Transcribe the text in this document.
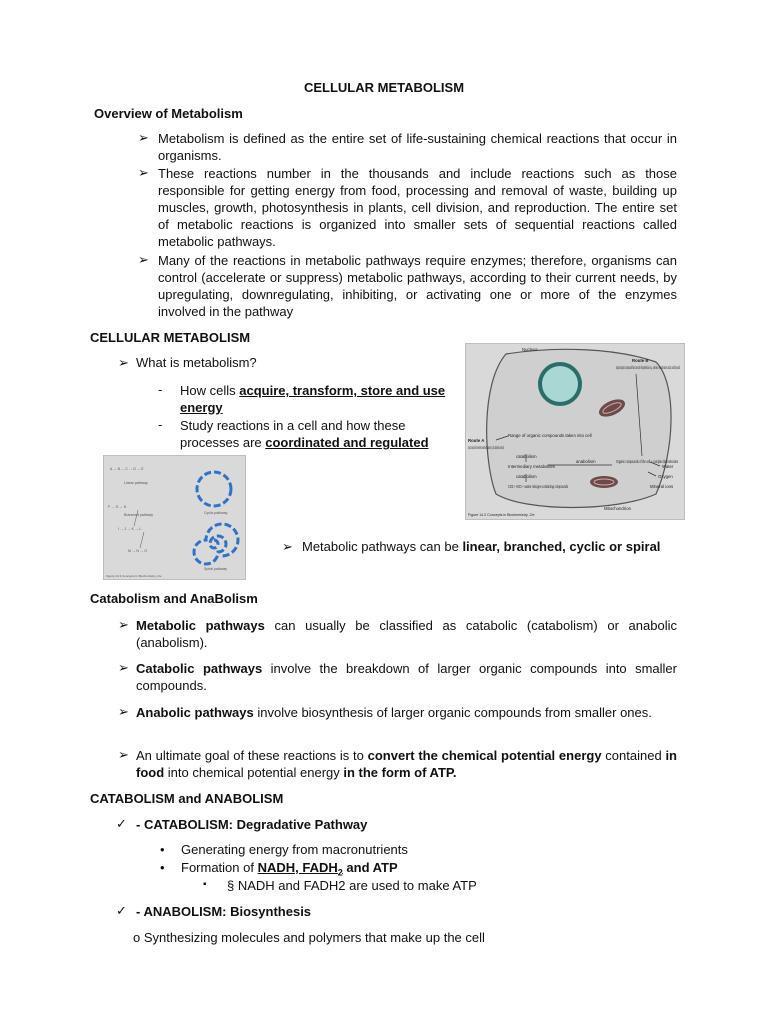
CELLULAR METABOLISM
Overview of Metabolism
➢ Metabolism is defined as the entire set of life-sustaining chemical reactions that occur in organisms.
➢ These reactions number in the thousands and include reactions such as those responsible for getting energy from food, processing and removal of waste, building up muscles, growth, photosynthesis in plants, cell division, and reproduction. The entire set of metabolic reactions is organized into smaller sets of sequential reactions called metabolic pathways.
➢ Many of the reactions in metabolic pathways require enzymes; therefore, organisms can control (accelerate or suppress) metabolic pathways, according to their current needs, by upregulating, downregulating, inhibiting, or activating one or more of the enzymes involved in the pathway
CELLULAR METABOLISM
➢ What is metabolism?
- How cells acquire, transform, store and use energy
- Study reactions in a cell and how these processes are coordinated and regulated
Nucleus
Route B
Special organic compounds that cannot be biosynthesized, e.g., vitamins, essential amino acids, and fatty acids
Range of organic compounds taken into cell
catabolism
Intermediary metabolites
anabolism	Organic compounds of the cell + complex biomolecules
catabolism
Route A
Organic compounds from environment are absorbed into organism, e.g., fats, carbohydrates, amino acids
CO2 + H2O + waste nitrogen-containing compounds
Water
Oxygen
Mineral ions
Mitochondrion
Figure 14.2 Concepts in Biochemistry, 2/e
A → B → C → D → E
Linear pathway
F → G → H
I → J → K → L
M → N → O
Branched pathway	Cyclic pathway
Spiral pathway
Figure 14.3 Concepts in Biochemistry, 2/e
➢ Metabolic pathways can be linear, branched, cyclic or spiral
Catabolism and AnaBolism
➢ Metabolic pathways can usually be classified as catabolic (catabolism) or anabolic (anabolism).
➢ Catabolic pathways involve the breakdown of larger organic compounds into smaller compounds.
➢ Anabolic pathways involve biosynthesis of larger organic compounds from smaller ones.
➢ An ultimate goal of these reactions is to convert the chemical potential energy contained in food into chemical potential energy in the form of ATP.
CATABOLISM and ANABOLISM
✓ - CATABOLISM: Degradative Pathway
• Generating energy from macronutrients
• Formation of NADH, $FADH_2$ and ATP
▪ § NADH and FADH2 are used to make ATP
✓ - ANABOLISM: Biosynthesis
o Synthesizing molecules and polymers that make up the cell
